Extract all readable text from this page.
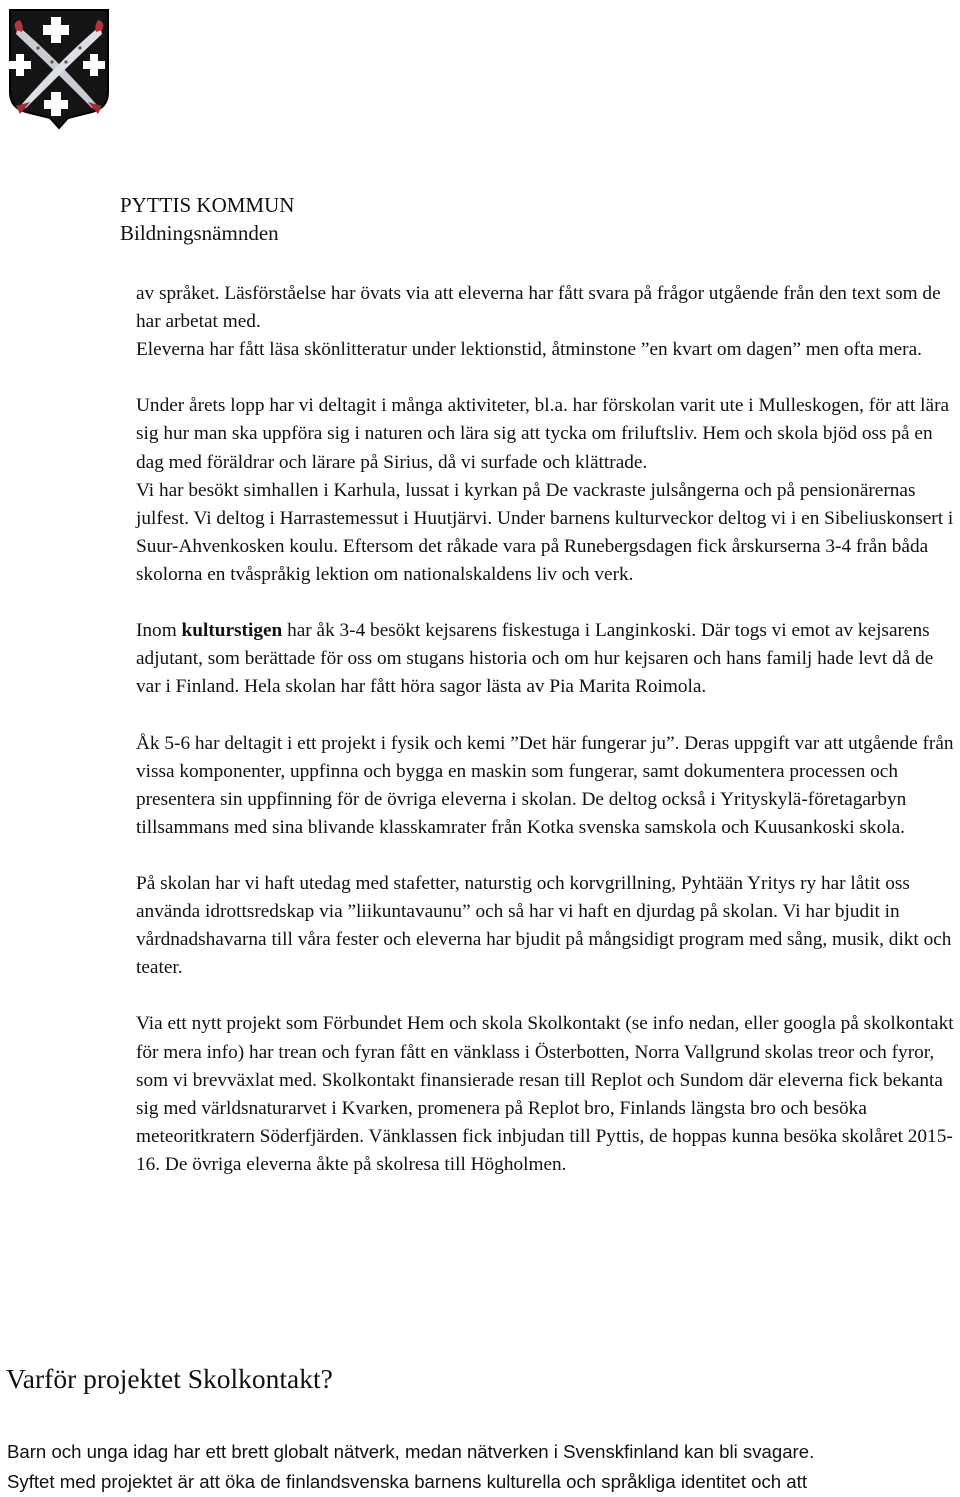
PYTTIS KOMMUN
Bildningsnämnden

av språket. Läsförståelse har övats via att eleverna har fått svara på frågor utgående från den text som de har arbetat med.
Eleverna har fått läsa skönlitteratur under lektionstid, åtminstone ”en kvart om dagen” men ofta mera.

Under årets lopp har vi deltagit i många aktiviteter, bl.a. har förskolan varit ute i Mulleskogen, för att lära sig hur man ska uppföra sig i naturen och lära sig att tycka om friluftsliv. Hem och skola bjöd oss på en dag med föräldrar och lärare på Sirius, då vi surfade och klättrade.
Vi har besökt simhallen i Karhula, lussat i kyrkan på De vackraste julsångerna och på pensionärernas julfest. Vi deltog i Harrastemessut i Huutjärvi. Under barnens kulturveckor deltog vi i en Sibeliuskonsert i Suur-Ahvenkosken koulu. Eftersom det råkade vara på Runebergsdagen fick årskurserna 3-4 från båda skolorna en tvåspråkig lektion om nationalskaldens liv och verk.

Inom kulturstigen har åk 3-4 besökt kejsarens fiskestuga i Langinkoski. Där togs vi emot av kejsarens adjutant, som berättade för oss om stugans historia och om hur kejsaren och hans familj hade levt då de var i Finland. Hela skolan har fått höra sagor lästa av Pia Marita Roimola.

Åk 5-6 har deltagit i ett projekt i fysik och kemi ”Det här fungerar ju”. Deras uppgift var att utgående från vissa komponenter, uppfinna och bygga en maskin som fungerar, samt dokumentera processen och presentera sin uppfinning för de övriga eleverna i skolan. De deltog också i Yrityskylä-företagarbyn tillsammans med sina blivande klasskamrater från Kotka svenska samskola och Kuusankoski skola.

På skolan har vi haft utedag med stafetter, naturstig och korvgrillning, Pyhtään Yritys ry har låtit oss använda idrottsredskap via ”liikuntavaunu” och så har vi haft en djurdag på skolan. Vi har bjudit in vårdnadshavarna till våra fester och eleverna har bjudit på mångsidigt program med sång, musik, dikt och teater.

Via ett nytt projekt som Förbundet Hem och skola Skolkontakt (se info nedan, eller googla på skolkontakt för mera info) har trean och fyran fått en vänklass i Österbotten, Norra Vallgrund skolas treor och fyror, som vi brevväxlat med. Skolkontakt finansierade resan till Replot och Sundom där eleverna fick bekanta sig med världsnaturarvet i Kvarken, promenera på Replot bro, Finlands längsta bro och besöka meteoritkratern Söderfjärden. Vänklassen fick inbjudan till Pyttis, de hoppas kunna besöka skolåret 2015-16. De övriga eleverna åkte på skolresa till Högholmen.

Varför projektet Skolkontakt?
Barn och unga idag har ett brett globalt nätverk, medan nätverken i Svenskfinland kan bli svagare.
Syftet med projektet är att öka de finlandsvenska barnens kulturella och språkliga identitet och att
